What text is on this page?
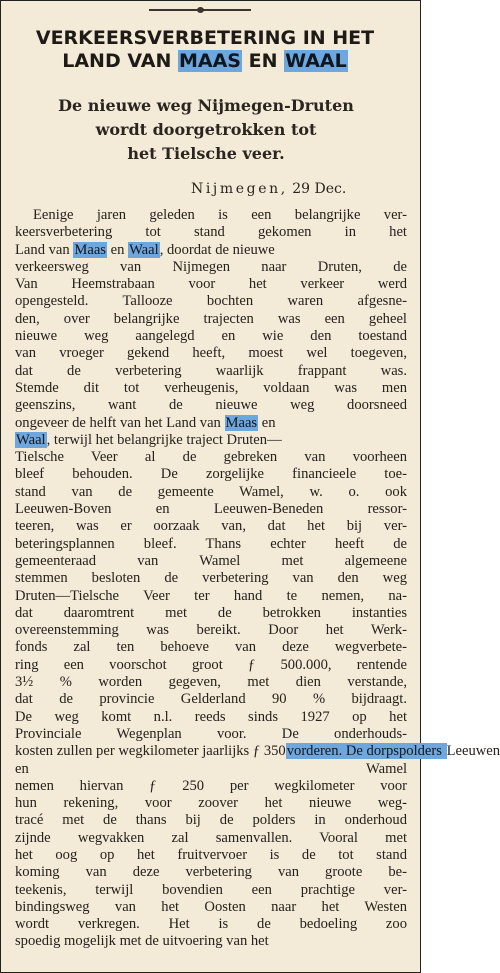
VERKEERSVERBETERING IN HET
LAND VAN MAAS EN WAAL
De nieuwe weg Nijmegen-Druten
wordt doorgetrokken tot
het Tielsche veer.
Nijmegen, 29 Dec.
Eenige jaren geleden is een belangrijke ver-
keersverbetering tot stand gekomen in het
Land van Maas en Waal, doordat de nieuwe
verkeersweg van Nijmegen naar Druten, de
Van Heemstrabaan voor het verkeer werd
opengesteld. Tallooze bochten waren afgesne-
den, over belangrijke trajecten was een geheel
nieuwe weg aangelegd en wie den toestand
van vroeger gekend heeft, moest wel toegeven,
dat de verbetering waarlijk frappant was.
Stemde dit tot verheugenis, voldaan was men
geenszins, want de nieuwe weg doorsneed
ongeveer de helft van het Land van Maas en
Waal, terwijl het belangrijke traject Druten—
Tielsche Veer al de gebreken van voorheen
bleef behouden. De zorgelijke financieele toe-
stand van de gemeente Wamel, w. o. ook
Leeuwen-Boven en Leeuwen-Beneden ressor-
teeren, was er oorzaak van, dat het bij ver-
beteringsplannen bleef. Thans echter heeft de
gemeenteraad van Wamel met algemeene
stemmen besloten de verbetering van den weg
Druten—Tielsche Veer ter hand te nemen, na-
dat daaromtrent met de betrokken instanties
overeenstemming was bereikt. Door het Werk-
fonds zal ten behoeve van deze wegverbete-
ring een voorschot groot ƒ 500.000, rentende
3½ % worden gegeven, met dien verstande,
dat de provincie Gelderland 90 % bijdraagt.
De weg komt n.l. reeds sinds 1927 op het
Provinciale Wegenplan voor. De onderhouds-
kosten zullen per wegkilometer jaarlijks ƒ 350vorderen. De dorpspolders Leeuwen
en Wamel
nemen hiervan ƒ 250 per wegkilometer voor
hun rekening, voor zoover het nieuwe weg-
tracé met de thans bij de polders in onderhoud
zijnde wegvakken zal samenvallen. Vooral met
het oog op het fruitvervoer is de tot stand
koming van deze verbetering van groote be-
teekenis, terwijl bovendien een prachtige ver-
bindingsweg van het Oosten naar het Westen
wordt verkregen. Het is de bedoeling zoo
spoedig mogelijk met de uitvoering van het
